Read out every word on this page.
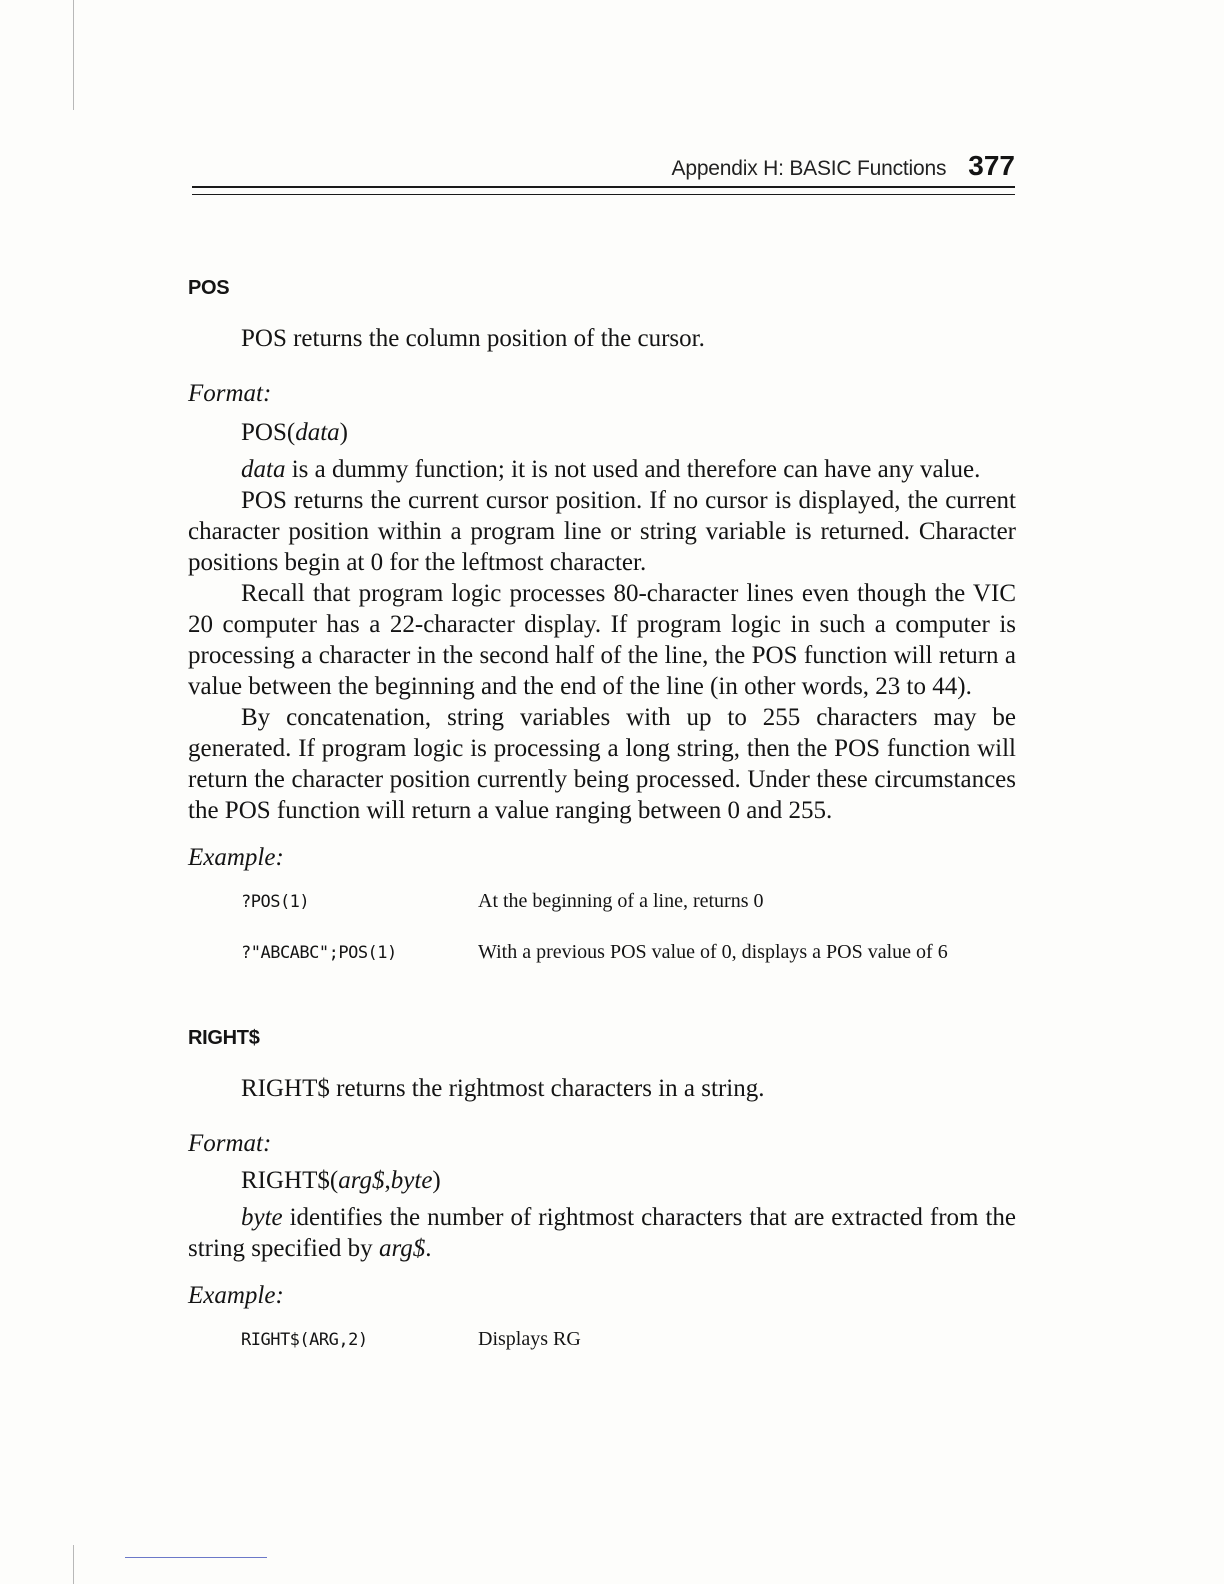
Appendix H: BASIC Functions 377
POS

POS returns the column position of the cursor.

Format:

POS(data)

data is a dummy function; it is not used and therefore can have any value.

POS returns the current cursor position. If no cursor is displayed, the current character position within a program line or string variable is returned. Character positions begin at 0 for the leftmost character.

Recall that program logic processes 80-character lines even though the VIC 20 computer has a 22-character display. If program logic in such a computer is processing a character in the second half of the line, the POS function will return a value between the beginning and the end of the line (in other words, 23 to 44).

By concatenation, string variables with up to 255 characters may be generated. If program logic is processing a long string, then the POS function will return the character position currently being processed. Under these circumstances the POS function will return a value ranging between 0 and 255.

Example:
?POS(1)	At the beginning of a line, returns 0
?"ABCABC";POS(1)	With a previous POS value of 0, displays a POS value of 6
RIGHT$

RIGHT$ returns the rightmost characters in a string.

Format:

RIGHT$(arg$,byte)

byte identifies the number of rightmost characters that are extracted from the string specified by arg$.

Example:
RIGHT$(ARG,2)	Displays RG
